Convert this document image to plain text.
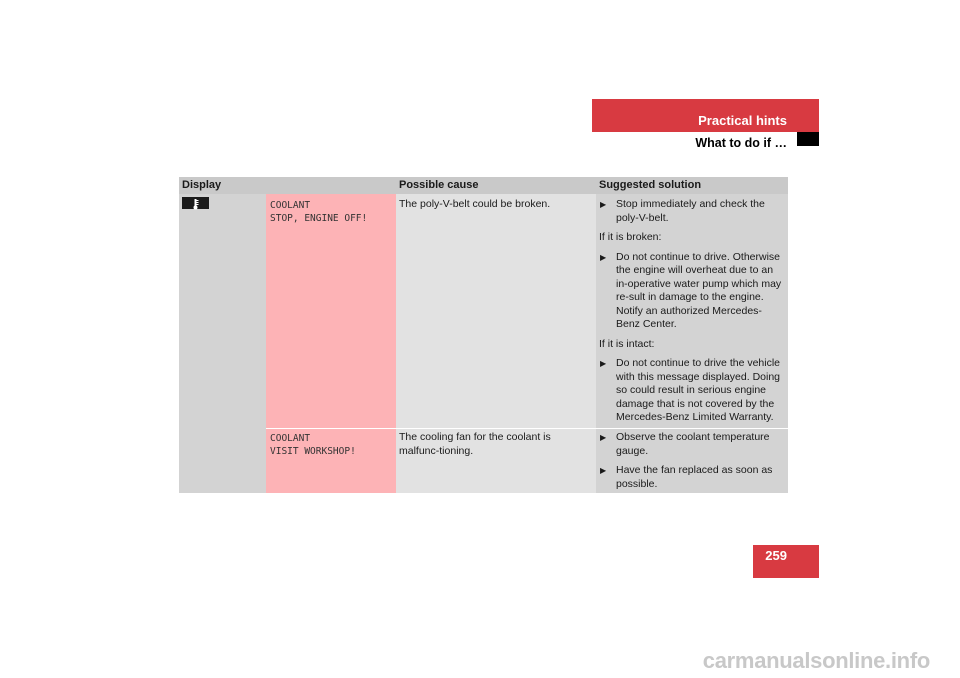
Practical hints
What to do if …
Display	Possible cause	Suggested solution
COOLANT
STOP, ENGINE OFF!
COOLANT
VISIT WORKSHOP!
The poly-V-belt could be broken.
The cooling fan for the coolant is malfunc-tioning.
▶ Stop immediately and check the poly-V-belt.
If it is broken:
▶ Do not continue to drive. Otherwise the engine will overheat due to an in-operative water pump which may re-sult in damage to the engine. Notify an authorized Mercedes-Benz Center.
If it is intact:
▶ Do not continue to drive the vehicle with this message displayed. Doing so could result in serious engine damage that is not covered by the Mercedes-Benz Limited Warranty.
▶ Observe the coolant temperature gauge.
▶ Have the fan replaced as soon as possible.
259
carmanualsonline.info
